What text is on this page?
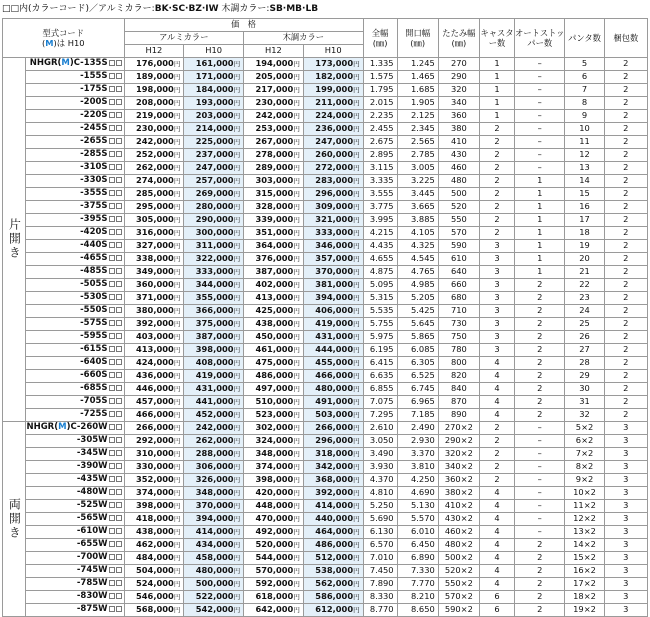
□□内(カラーコード)／アルミカラー:BK·SC·BZ·IW 木調カラー:SB·MB·LB
型式コード
(M)は H10		価　格				全幅
(㎜)	開口幅
(㎜)	たたみ幅
(㎜)	キャスター数	オートストッパー数	パンタ数	梱包数
		アルミカラー		木調カラー								
		H12	H10	H12	H10							
片開き	NHGR(M)C-135S	176,000円	161,000円	194,000円	173,000円	1.335	1.245	270	1	–	5	2
	-155S	189,000円	171,000円	205,000円	182,000円	1.575	1.465	290	1	–	6	2
	-175S	198,000円	184,000円	217,000円	199,000円	1.795	1.685	320	1	–	7	2
	-200S	208,000円	193,000円	230,000円	211,000円	2.015	1.905	340	1	–	8	2
	-220S	219,000円	203,000円	242,000円	224,000円	2.235	2.125	360	1	–	9	2
	-245S	230,000円	214,000円	253,000円	236,000円	2.455	2.345	380	2	–	10	2
	-265S	242,000円	225,000円	267,000円	247,000円	2.675	2.565	410	2	–	11	2
	-285S	252,000円	237,000円	278,000円	260,000円	2.895	2.785	430	2	–	12	2
	-310S	262,000円	247,000円	289,000円	272,000円	3.115	3.005	460	2	–	13	2
	-330S	274,000円	257,000円	303,000円	283,000円	3.335	3.225	480	2	1	14	2
	-355S	285,000円	269,000円	315,000円	296,000円	3.555	3.445	500	2	1	15	2
	-375S	295,000円	280,000円	328,000円	309,000円	3.775	3.665	520	2	1	16	2
	-395S	305,000円	290,000円	339,000円	321,000円	3.995	3.885	550	2	1	17	2
	-420S	316,000円	300,000円	351,000円	333,000円	4.215	4.105	570	2	1	18	2
	-440S	327,000円	311,000円	364,000円	346,000円	4.435	4.325	590	3	1	19	2
	-465S	338,000円	322,000円	376,000円	357,000円	4.655	4.545	610	3	1	20	2
	-485S	349,000円	333,000円	387,000円	370,000円	4.875	4.765	640	3	1	21	2
	-505S	360,000円	344,000円	402,000円	381,000円	5.095	4.985	660	3	2	22	2
	-530S	371,000円	355,000円	413,000円	394,000円	5.315	5.205	680	3	2	23	2
	-550S	380,000円	366,000円	425,000円	406,000円	5.535	5.425	710	3	2	24	2
	-575S	392,000円	375,000円	438,000円	419,000円	5.755	5.645	730	3	2	25	2
	-595S	403,000円	387,000円	450,000円	431,000円	5.975	5.865	750	3	2	26	2
	-615S	413,000円	398,000円	461,000円	444,000円	6.195	6.085	780	3	2	27	2
	-640S	424,000円	408,000円	475,000円	455,000円	6.415	6.305	800	4	2	28	2
	-660S	436,000円	419,000円	486,000円	466,000円	6.635	6.525	820	4	2	29	2
	-685S	446,000円	431,000円	497,000円	480,000円	6.855	6.745	840	4	2	30	2
	-705S	457,000円	441,000円	510,000円	491,000円	7.075	6.965	870	4	2	31	2
	-725S	466,000円	452,000円	523,000円	503,000円	7.295	7.185	890	4	2	32	2
両開き	NHGR(M)C-260W	266,000円	242,000円	302,000円	266,000円	2.610	2.490	270×2	2	–	5×2	3
	-305W	292,000円	262,000円	324,000円	296,000円	3.050	2.930	290×2	2	–	6×2	3
	-345W	310,000円	288,000円	348,000円	318,000円	3.490	3.370	320×2	2	–	7×2	3
	-390W	330,000円	306,000円	374,000円	342,000円	3.930	3.810	340×2	2	–	8×2	3
	-435W	352,000円	326,000円	398,000円	368,000円	4.370	4.250	360×2	2	–	9×2	3
	-480W	374,000円	348,000円	420,000円	392,000円	4.810	4.690	380×2	4	–	10×2	3
	-525W	398,000円	370,000円	448,000円	414,000円	5.250	5.130	410×2	4	–	11×2	3
	-565W	418,000円	394,000円	470,000円	440,000円	5.690	5.570	430×2	4	–	12×2	3
	-610W	438,000円	414,000円	492,000円	464,000円	6.130	6.010	460×2	4	–	13×2	3
	-655W	462,000円	434,000円	520,000円	486,000円	6.570	6.450	480×2	4	2	14×2	3
	-700W	484,000円	458,000円	544,000円	512,000円	7.010	6.890	500×2	4	2	15×2	3
	-745W	504,000円	480,000円	570,000円	538,000円	7.450	7.330	520×2	4	2	16×2	3
	-785W	524,000円	500,000円	592,000円	562,000円	7.890	7.770	550×2	4	2	17×2	3
	-830W	546,000円	522,000円	618,000円	586,000円	8.330	8.210	570×2	6	2	18×2	3
	-875W	568,000円	542,000円	642,000円	612,000円	8.770	8.650	590×2	6	2	19×2	3
